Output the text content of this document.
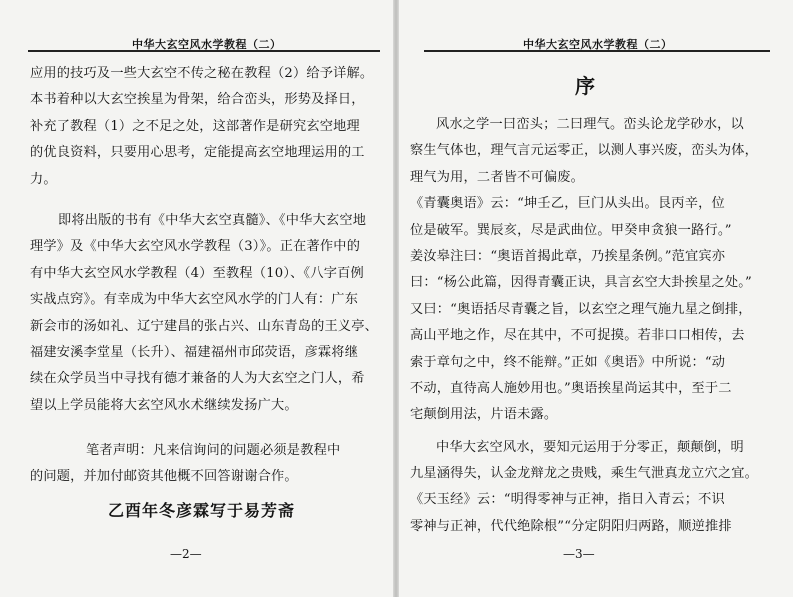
中华大玄空风水学教程（二）
应用的技巧及一些大玄空不传之秘在教程（2）给予详解。
本书着种以大玄空挨星为骨架，给合峦头，形势及择日，
补充了教程（1）之不足之处，这部著作是研究玄空地理
的优良资料，只要用心思考，定能提高玄空地理运用的工
力。
即将出版的书有《中华大玄空真髓》、《中华大玄空地
理学》及《中华大玄空风水学教程（3）》。正在著作中的
有中华大玄空风水学教程（4）至教程（10）、《八字百例
实战点窍》。有幸成为中华大玄空风水学的门人有：广东
新会市的汤如礼、辽宁建昌的张占兴、山东青岛的王义亭、
福建安溪李堂星（长升）、福建福州市邱荧语，彦霖将继
续在众学员当中寻找有德才兼备的人为大玄空之门人，希
望以上学员能将大玄空风水术继续发扬广大。
笔者声明：凡来信询问的问题必须是教程中
的问题，并加付邮资其他概不回答谢谢合作。
乙酉年冬彦霖写于易芳斋
—2—
中华大玄空风水学教程（二）
序
风水之学一曰峦头；二曰理气。峦头论龙学砂水，以
察生气体也，理气言元运零正，以测人事兴废，峦头为体，
理气为用，二者皆不可偏废。
《青囊奥语》云：“坤壬乙，巨门从头出。艮丙辛，位
位是破军。巽辰亥，尽是武曲位。甲癸申贪狼一路行。”
姜汝皋注曰：“奥语首揭此章，乃挨星条例。”范宜宾亦
曰：“杨公此篇，因得青囊正诀，具言玄空大卦挨星之处。”
又曰：“奥语括尽青囊之旨，以玄空之理气施九星之倒排，
高山平地之作，尽在其中，不可捉摸。若非口口相传，去
索于章句之中，终不能辩。”正如《奥语》中所说：“动
不动，直待高人施妙用也。”奥语挨星尚运其中，至于二
宅颠倒用法，片语未露。
中华大玄空风水，要知元运用于分零正，颠颠倒，明
九星涵得失，认金龙辩龙之贵贱，乘生气泄真龙立穴之宜。
《天玉经》云：“明得零神与正神，指日入青云；不识
零神与正神，代代绝除根”“分定阴阳归两路，顺逆推排
—3—
